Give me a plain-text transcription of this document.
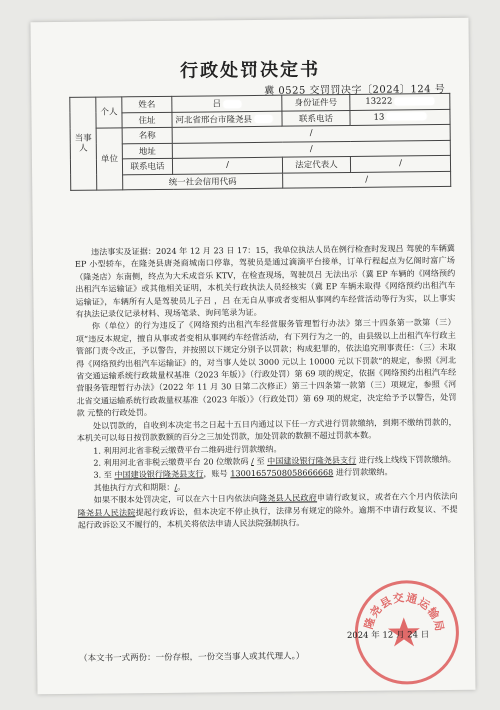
行政处罚决定书
冀 0525 交罚罚决字〔2024〕124 号
当事人	个人	姓名	吕	身份证件号	13222
		住址	河北省邢台市隆尧县	联系电话	13

	单位	名称	/		
		地址	/		
		联系电话	/	法定代表人	/
		统一社会信用代码		/	

违法事实及证据：2024 年 12 月 23 日 17：15，我单位执法人员在例行检查时发现吕 驾驶的车辆冀 EP 小型轿车，在隆尧县唐尧商城南口停靠，驾驶员是通过滴滴平台接单，订单行程起点为亿阁时富广场（隆尧店）东南侧，终点为大禾成音乐 KTV，在检查现场，驾驶员吕 无法出示（冀 EP 车辆的《网络预约出租汽车运输证》或其他相关证明，本机关行政执法人员经核实（冀 EP 车辆未取得《网络预约出租汽车运输证》，车辆所有人是驾驶员儿子吕 ，吕 在无自从事或者变相从事网约车经营活动等行为实，以上事实有执法记录仪记录材料、现场笔录、询问笔录为证。

你（单位）的行为违反了《网络预约出租汽车经营服务管理暂行办法》第三十四条第一款第（三）项“违反本规定，擅自从事或者变相从事网约车经营活动，有下列行为之一的，由县级以上出租汽车行政主管部门责令改正，予以警告，并按照以下规定分别予以罚款；构成犯罪的，依法追究刑事责任：（三）未取得《网络预约出租汽车运输证》的，对当事人处以 3000 元以上 10000 元以下罚款”的规定，参照《河北省交通运输系统行政裁量权基准（2023 年版）》（行政处罚）第 69 项的规定，依据《网络预约出租汽车经营服务管理暂行办法》（2022 年 11 月 30 日第二次修正）第三十四条第一款第（三）项规定，参照《河北省交通运输系统行政裁量权基准（2023 年版）》（行政处罚）第 69 项的规定，决定给予予以警告，处罚款 元整的行政处罚。

处以罚款的，自收到本决定书之日起十五日内通过以下任一方式进行罚款缴纳，到期不缴纳罚款的，本机关可以每日按罚款数额的百分之三加处罚款，加处罚款的数额不超过罚款本数。

1. 利用河北省非税云缴费平台二维码进行罚款缴纳。

2. 利用河北省非税云缴费平台 20 位缴款码 / 至 中国建设银行隆尧县支行 进行线上线线下罚款缴纳。

3. 至 中国建设银行隆尧县支行，账号 13001657508058666668 进行罚款缴纳。

其他执行方式和期限：/。

如果不服本处罚决定，可以在六十日内依法向隆尧县人民政府申请行政复议，或者在六个月内依法向隆尧县人民法院提起行政诉讼，但本决定不停止执行，法律另有规定的除外。逾期不申请行政复议、不提起行政诉讼又不履行的，本机关将依法申请人民法院强制执行。

隆尧县交通运输局
2024 年 12 月 24 日
（本文书一式两份：一份存根，一份交当事人或其代理人。）
